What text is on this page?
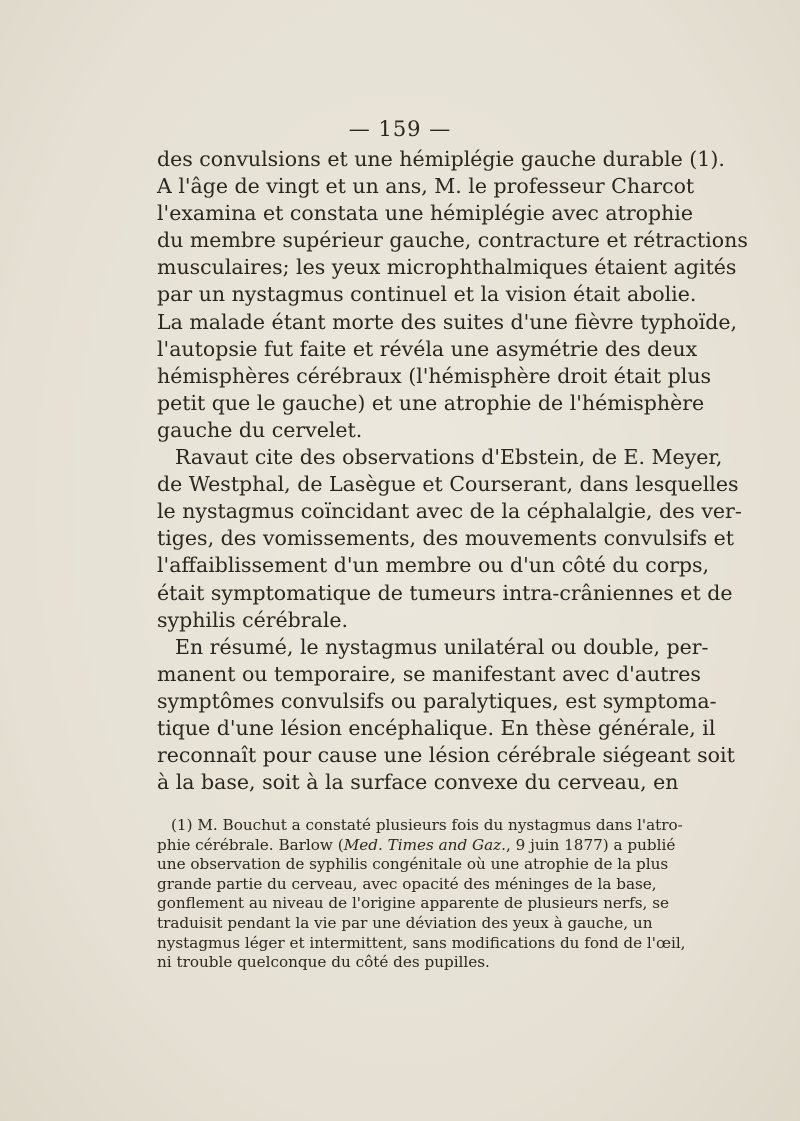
— 159 —
des convulsions et une hémiplégie gauche durable (1).
A l'âge de vingt et un ans, M. le professeur Charcot
l'examina et constata une hémiplégie avec atrophie
du membre supérieur gauche, contracture et rétractions
musculaires; les yeux microphthalmiques étaient agités
par un nystagmus continuel et la vision était abolie.
La malade étant morte des suites d'une fièvre typhoïde,
l'autopsie fut faite et révéla une asymétrie des deux
hémisphères cérébraux (l'hémisphère droit était plus
petit que le gauche) et une atrophie de l'hémisphère
gauche du cervelet.
Ravaut cite des observations d'Ebstein, de E. Meyer,
de Westphal, de Lasègue et Courserant, dans lesquelles
le nystagmus coïncidant avec de la céphalalgie, des ver-
tiges, des vomissements, des mouvements convulsifs et
l'affaiblissement d'un membre ou d'un côté du corps,
était symptomatique de tumeurs intra-crâniennes et de
syphilis cérébrale.
En résumé, le nystagmus unilatéral ou double, per-
manent ou temporaire, se manifestant avec d'autres
symptômes convulsifs ou paralytiques, est symptoma-
tique d'une lésion encéphalique. En thèse générale, il
reconnaît pour cause une lésion cérébrale siégeant soit
à la base, soit à la surface convexe du cerveau, en
(1) M. Bouchut a constaté plusieurs fois du nystagmus dans l'atro-
phie cérébrale. Barlow (Med. Times and Gaz., 9 juin 1877) a publié
une observation de syphilis congénitale où une atrophie de la plus
grande partie du cerveau, avec opacité des méninges de la base,
gonflement au niveau de l'origine apparente de plusieurs nerfs, se
traduisit pendant la vie par une déviation des yeux à gauche, un
nystagmus léger et intermittent, sans modifications du fond de l'œil,
ni trouble quelconque du côté des pupilles.
